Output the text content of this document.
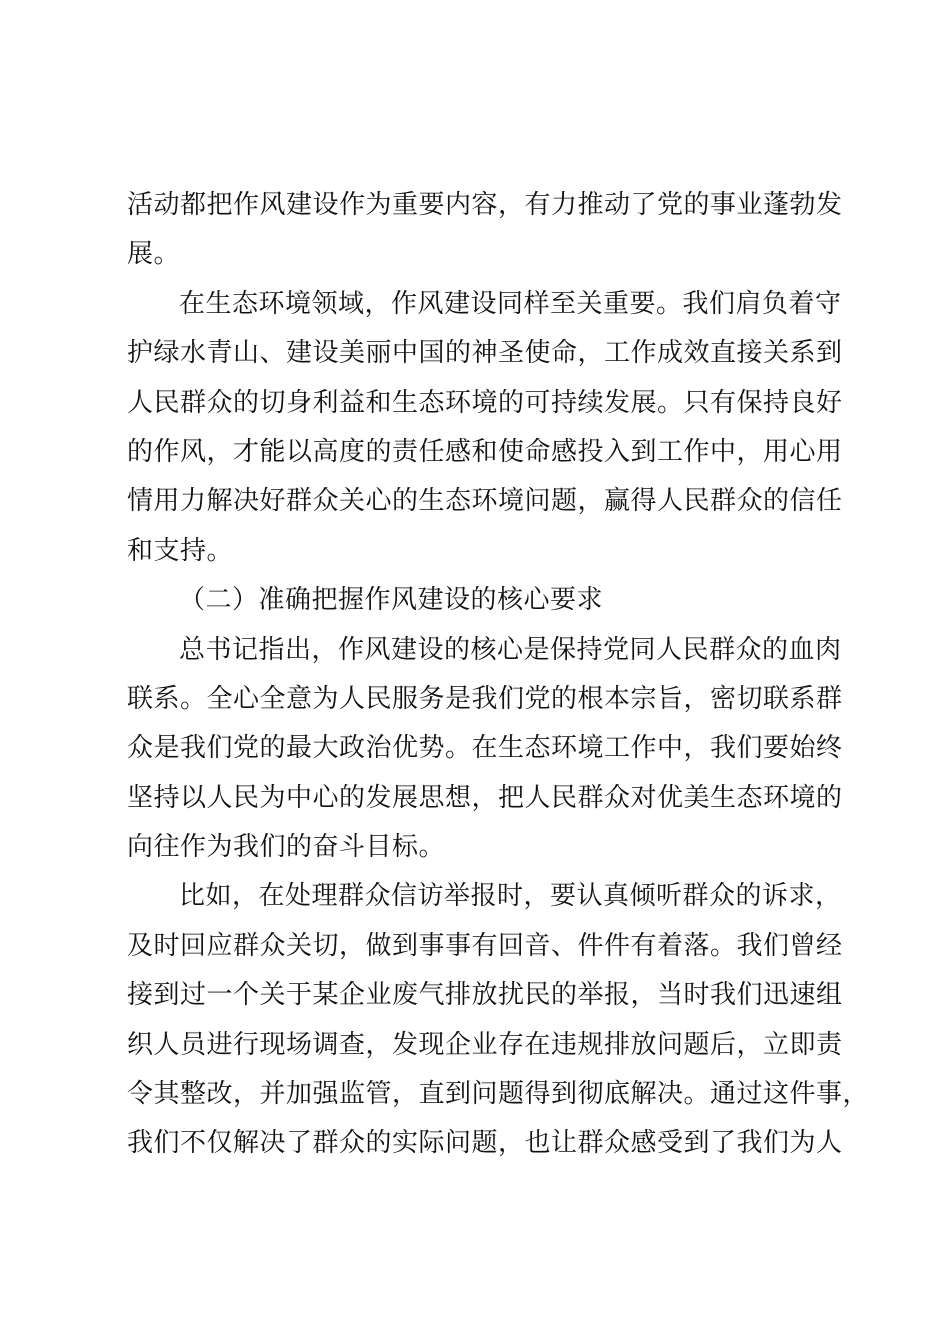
活动都把作风建设作为重要内容，有力推动了党的事业蓬勃发
展。
在生态环境领域，作风建设同样至关重要。我们肩负着守
护绿水青山、建设美丽中国的神圣使命，工作成效直接关系到
人民群众的切身利益和生态环境的可持续发展。只有保持良好
的作风，才能以高度的责任感和使命感投入到工作中，用心用
情用力解决好群众关心的生态环境问题，赢得人民群众的信任
和支持。
（二）准确把握作风建设的核心要求
总书记指出，作风建设的核心是保持党同人民群众的血肉
联系。全心全意为人民服务是我们党的根本宗旨，密切联系群
众是我们党的最大政治优势。在生态环境工作中，我们要始终
坚持以人民为中心的发展思想，把人民群众对优美生态环境的
向往作为我们的奋斗目标。
比如，在处理群众信访举报时，要认真倾听群众的诉求，
及时回应群众关切，做到事事有回音、件件有着落。我们曾经
接到过一个关于某企业废气排放扰民的举报，当时我们迅速组
织人员进行现场调查，发现企业存在违规排放问题后，立即责
令其整改，并加强监管，直到问题得到彻底解决。通过这件事，
我们不仅解决了群众的实际问题，也让群众感受到了我们为人
